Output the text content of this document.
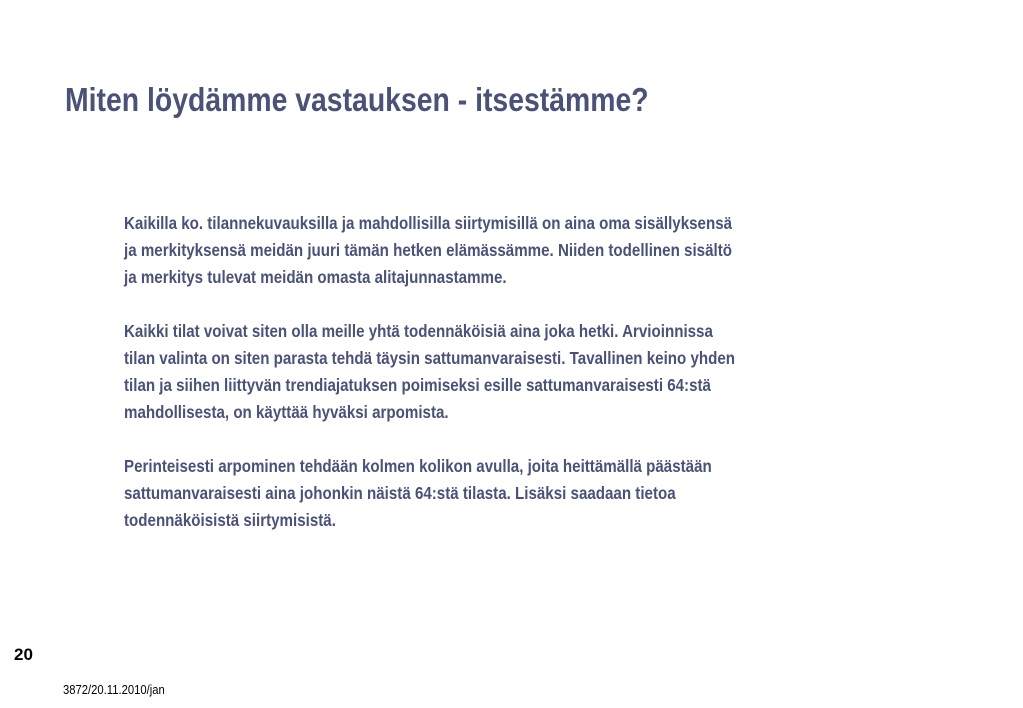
Miten löydämme vastauksen - itsestämme?

Kaikilla ko. tilannekuvauksilla ja mahdollisilla siirtymisillä on aina oma sisällyksensä
ja merkityksensä meidän juuri tämän hetken elämässämme. Niiden todellinen sisältö
ja merkitys tulevat meidän omasta alitajunnastamme.

Kaikki tilat voivat siten olla meille yhtä todennäköisiä aina joka hetki. Arvioinnissa
tilan valinta on siten parasta tehdä täysin sattumanvaraisesti. Tavallinen keino yhden
tilan ja siihen liittyvän trendiajatuksen poimiseksi esille sattumanvaraisesti 64:stä
mahdollisesta, on käyttää hyväksi arpomista.

Perinteisesti arpominen tehdään kolmen kolikon avulla, joita heittämällä päästään
sattumanvaraisesti aina johonkin näistä 64:stä tilasta. Lisäksi saadaan tietoa
todennäköisistä siirtymisistä.

20
3872/20.11.2010/jan
